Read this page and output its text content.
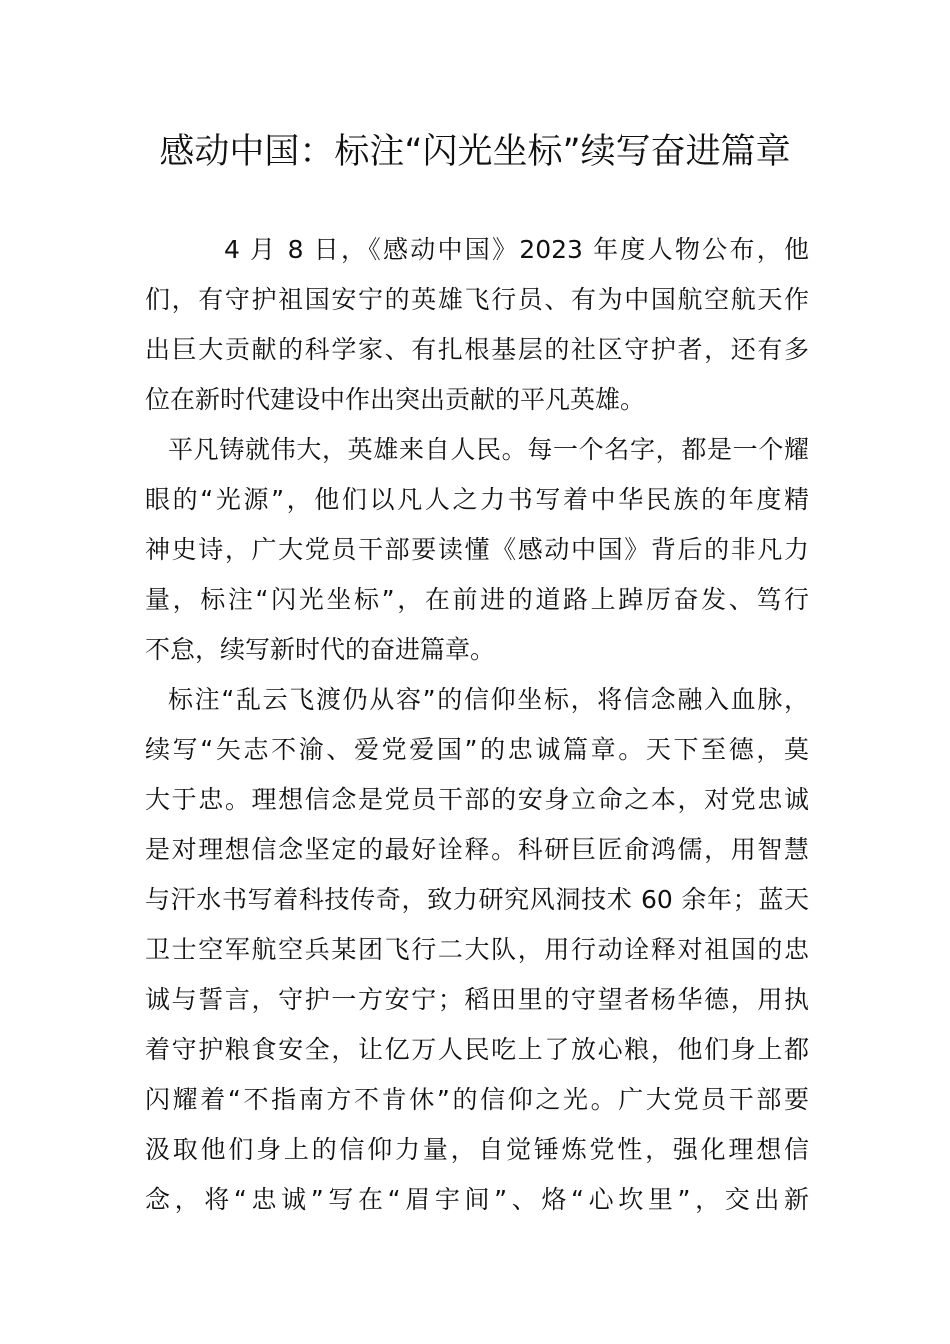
感动中国：标注“闪光坐标”续写奋进篇章
4 月 8 日，《感动中国》2023 年度人物公布，他
们，有守护祖国安宁的英雄飞行员、有为中国航空航天作
出巨大贡献的科学家、有扎根基层的社区守护者，还有多
位在新时代建设中作出突出贡献的平凡英雄。
平凡铸就伟大，英雄来自人民。每一个名字，都是一个耀
眼的“光源”，他们以凡人之力书写着中华民族的年度精
神史诗，广大党员干部要读懂《感动中国》背后的非凡力
量，标注“闪光坐标”，在前进的道路上踔厉奋发、笃行
不怠，续写新时代的奋进篇章。
标注“乱云飞渡仍从容”的信仰坐标，将信念融入血脉，
续写“矢志不渝、爱党爱国”的忠诚篇章。天下至德，莫
大于忠。理想信念是党员干部的安身立命之本，对党忠诚
是对理想信念坚定的最好诠释。科研巨匠俞鸿儒，用智慧
与汗水书写着科技传奇，致力研究风洞技术 60 余年；蓝天
卫士空军航空兵某团飞行二大队，用行动诠释对祖国的忠
诚与誓言，守护一方安宁；稻田里的守望者杨华德，用执
着守护粮食安全，让亿万人民吃上了放心粮，他们身上都
闪耀着“不指南方不肯休”的信仰之光。广大党员干部要
汲取他们身上的信仰力量，自觉锤炼党性，强化理想信
念，将“忠诚”写在“眉宇间”、烙“心坎里”，交出新
